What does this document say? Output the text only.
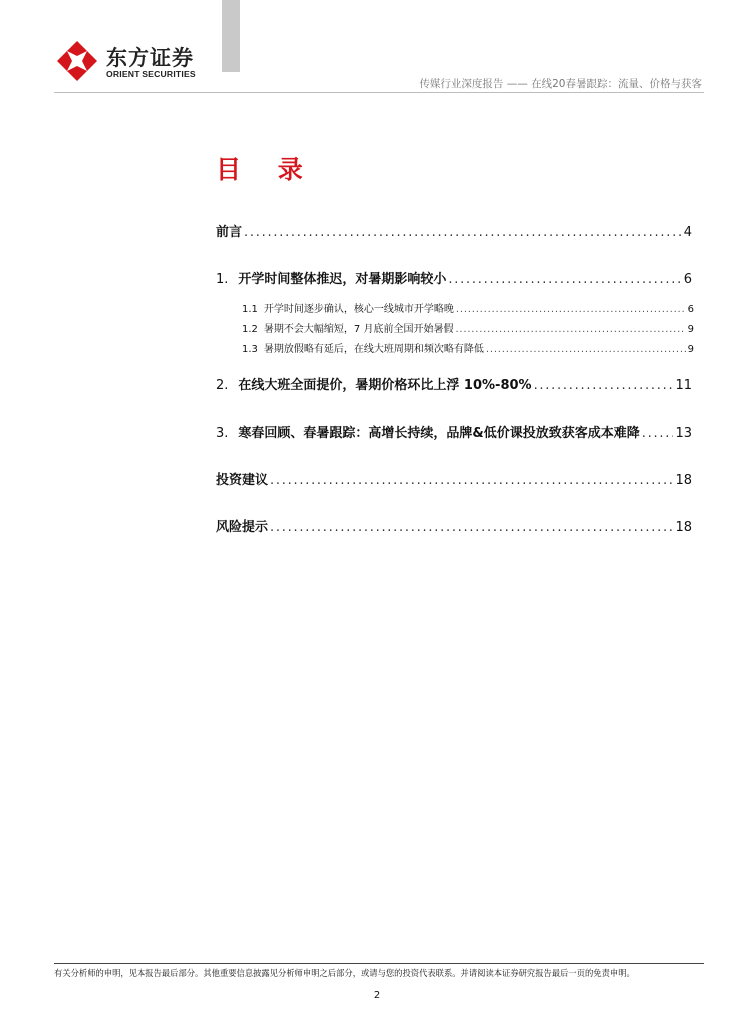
东方证券
ORIENT SECURITIES
传媒行业深度报告 —— 在线20春暑跟踪：流量、价格与获客
目 录
前言 . . .	4
1. 开学时间整体推迟，对暑期影响较小 . . .	6
1.1 开学时间逐步确认，核心一线城市开学略晚 . . .	6
1.2 暑期不会大幅缩短，7 月底前全国开始暑假 . . .	9
1.3 暑期放假略有延后，在线大班周期和频次略有降低 . . .	9
2. 在线大班全面提价，暑期价格环比上浮 10%-80% . . .	11
3. 寒春回顾、春暑跟踪：高增长持续，品牌&低价课投放致获客成本难降 . . .	13
投资建议 . . .	18
风险提示 . . .	18
有关分析师的申明，见本报告最后部分。其他重要信息披露见分析师申明之后部分，或请与您的投资代表联系。并请阅读本证券研究报告最后一页的免责申明。
2
